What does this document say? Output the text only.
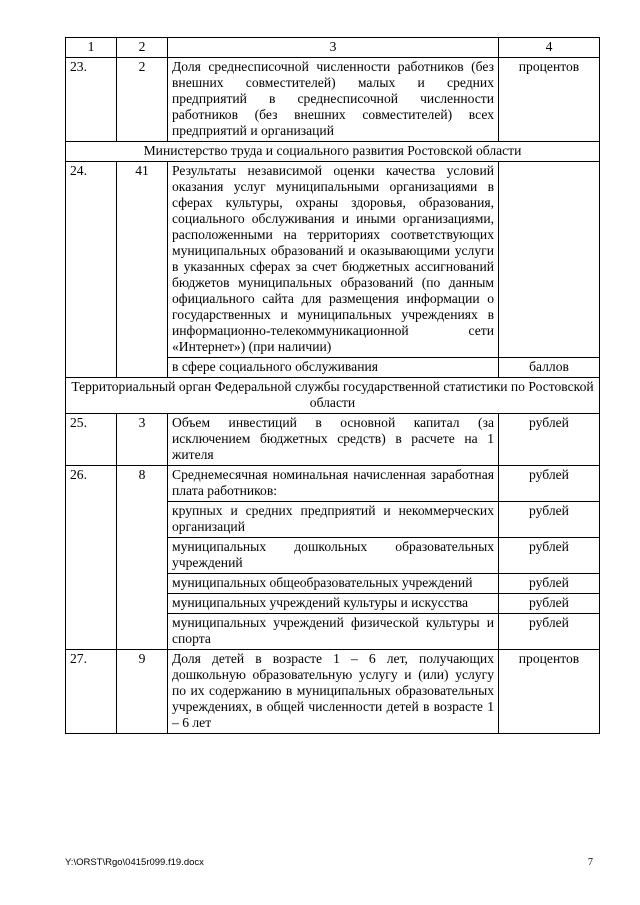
1	2	3	4
23.	2	Доля среднесписочной численности работников (без внешних совместителей) малых и средних предприятий в среднесписочной численности работников (без внешних совместителей) всех предприятий и организаций	процентов
Министерство труда и социального развития Ростовской области			
24.	41	Результаты независимой оценки качества условий оказания услуг муниципальными организациями в сферах культуры, охраны здоровья, образования, социального обслуживания и иными организациями, расположенными на территориях соответствующих муниципальных образований и оказывающими услуги в указанных сферах за счет бюджетных ассигнований бюджетов муниципальных образований (по данным официального сайта для размещения информации о государственных и муниципальных учреждениях в информационно-телекоммуникационной сети «Интернет») (при наличии)	
		в сфере социального обслуживания	баллов
Территориальный орган Федеральной службы государственной статистики по Ростовской области			
25.	3	Объем инвестиций в основной капитал (за исключением бюджетных средств) в расчете на 1 жителя	рублей
26.	8	Среднемесячная номинальная начисленная заработная плата работников:	рублей
		крупных и средних предприятий и некоммерческих организаций	рублей
		муниципальных дошкольных образовательных учреждений	рублей
		муниципальных общеобразовательных учреждений	рублей
		муниципальных учреждений культуры и искусства	рублей
		муниципальных учреждений физической культуры и спорта	рублей
27.	9	Доля детей в возрасте 1 – 6 лет, получающих дошкольную образовательную услугу и (или) услугу по их содержанию в муниципальных образовательных учреждениях, в общей численности детей в возрасте 1 – 6 лет	процентов
Y:\ORST\Rgo\0415r099.f19.docx	7
